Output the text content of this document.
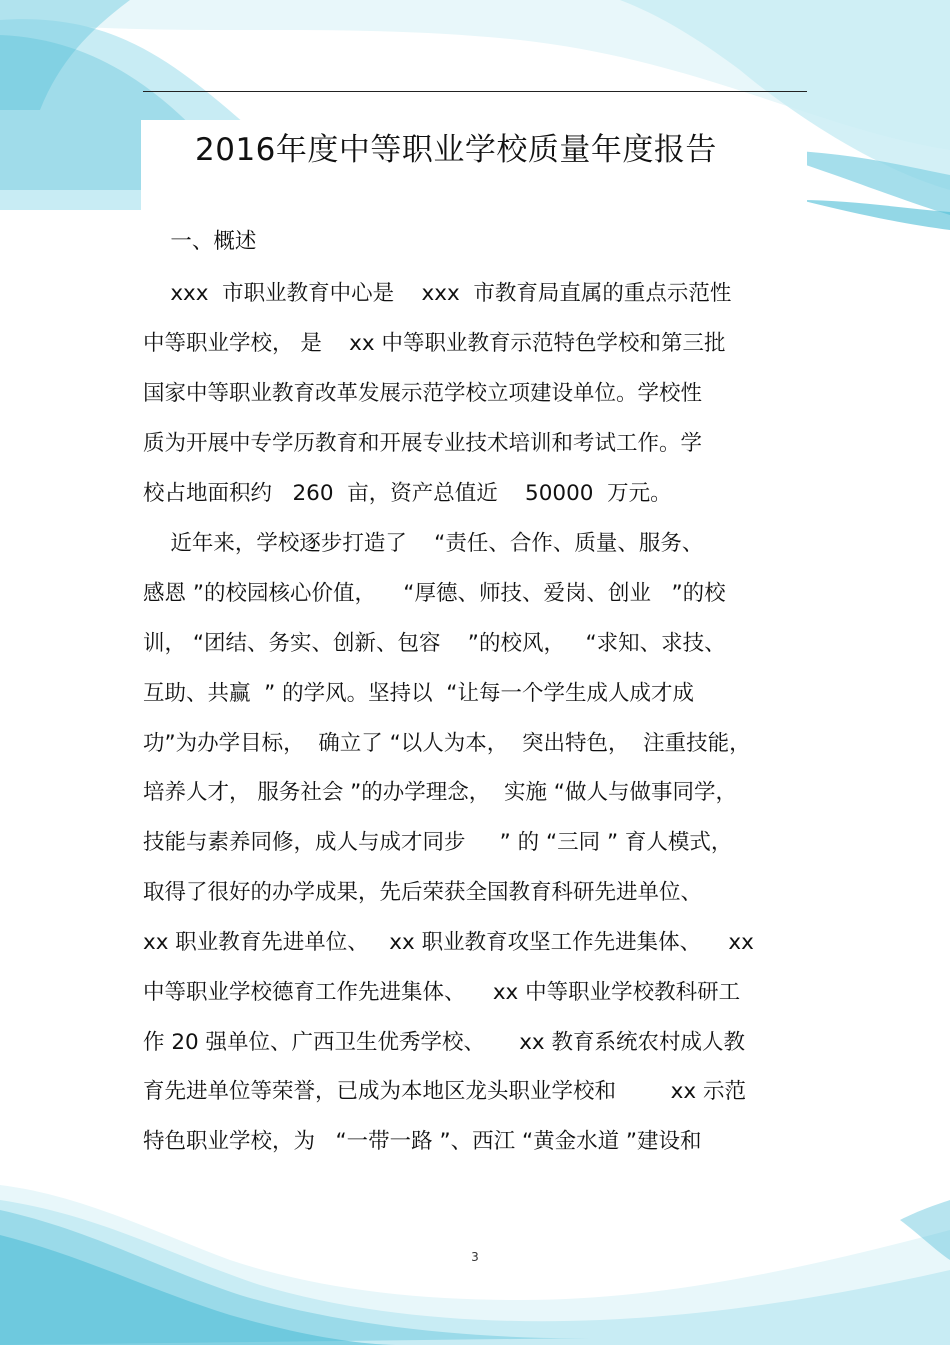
2016年度中等职业学校质量年度报告
一、概述
xxx  市职业教育中心是    xxx  市教育局直属的重点示范性
中等职业学校， 是    xx 中等职业教育示范特色学校和第三批
国家中等职业教育改革发展示范学校立项建设单位。学校性
质为开展中专学历教育和开展专业技术培训和考试工作。学
校占地面积约   260  亩，资产总值近    50000  万元。
近年来，学校逐步打造了    “责任、合作、质量、服务、
感恩 ”的校园核心价值，    “厚德、师技、爱岗、创业   ”的校
训， “团结、务实、创新、包容    ”的校风，   “求知、求技、
互助、共赢  ” 的学风。坚持以  “让每一个学生成人成才成
功”为办学目标，  确立了 “以人为本，  突出特色，  注重技能，
培养人才， 服务社会 ”的办学理念，  实施 “做人与做事同学，
技能与素养同修，成人与成才同步     ” 的 “三同 ” 育人模式，
取得了很好的办学成果，先后荣获全国教育科研先进单位、
xx 职业教育先进单位、   xx 职业教育攻坚工作先进集体、    xx
中等职业学校德育工作先进集体、    xx 中等职业学校教科研工
作 20 强单位、广西卫生优秀学校、     xx 教育系统农村成人教
育先进单位等荣誉，已成为本地区龙头职业学校和        xx 示范
特色职业学校，为   “一带一路 ”、西江 “黄金水道 ”建设和
3
